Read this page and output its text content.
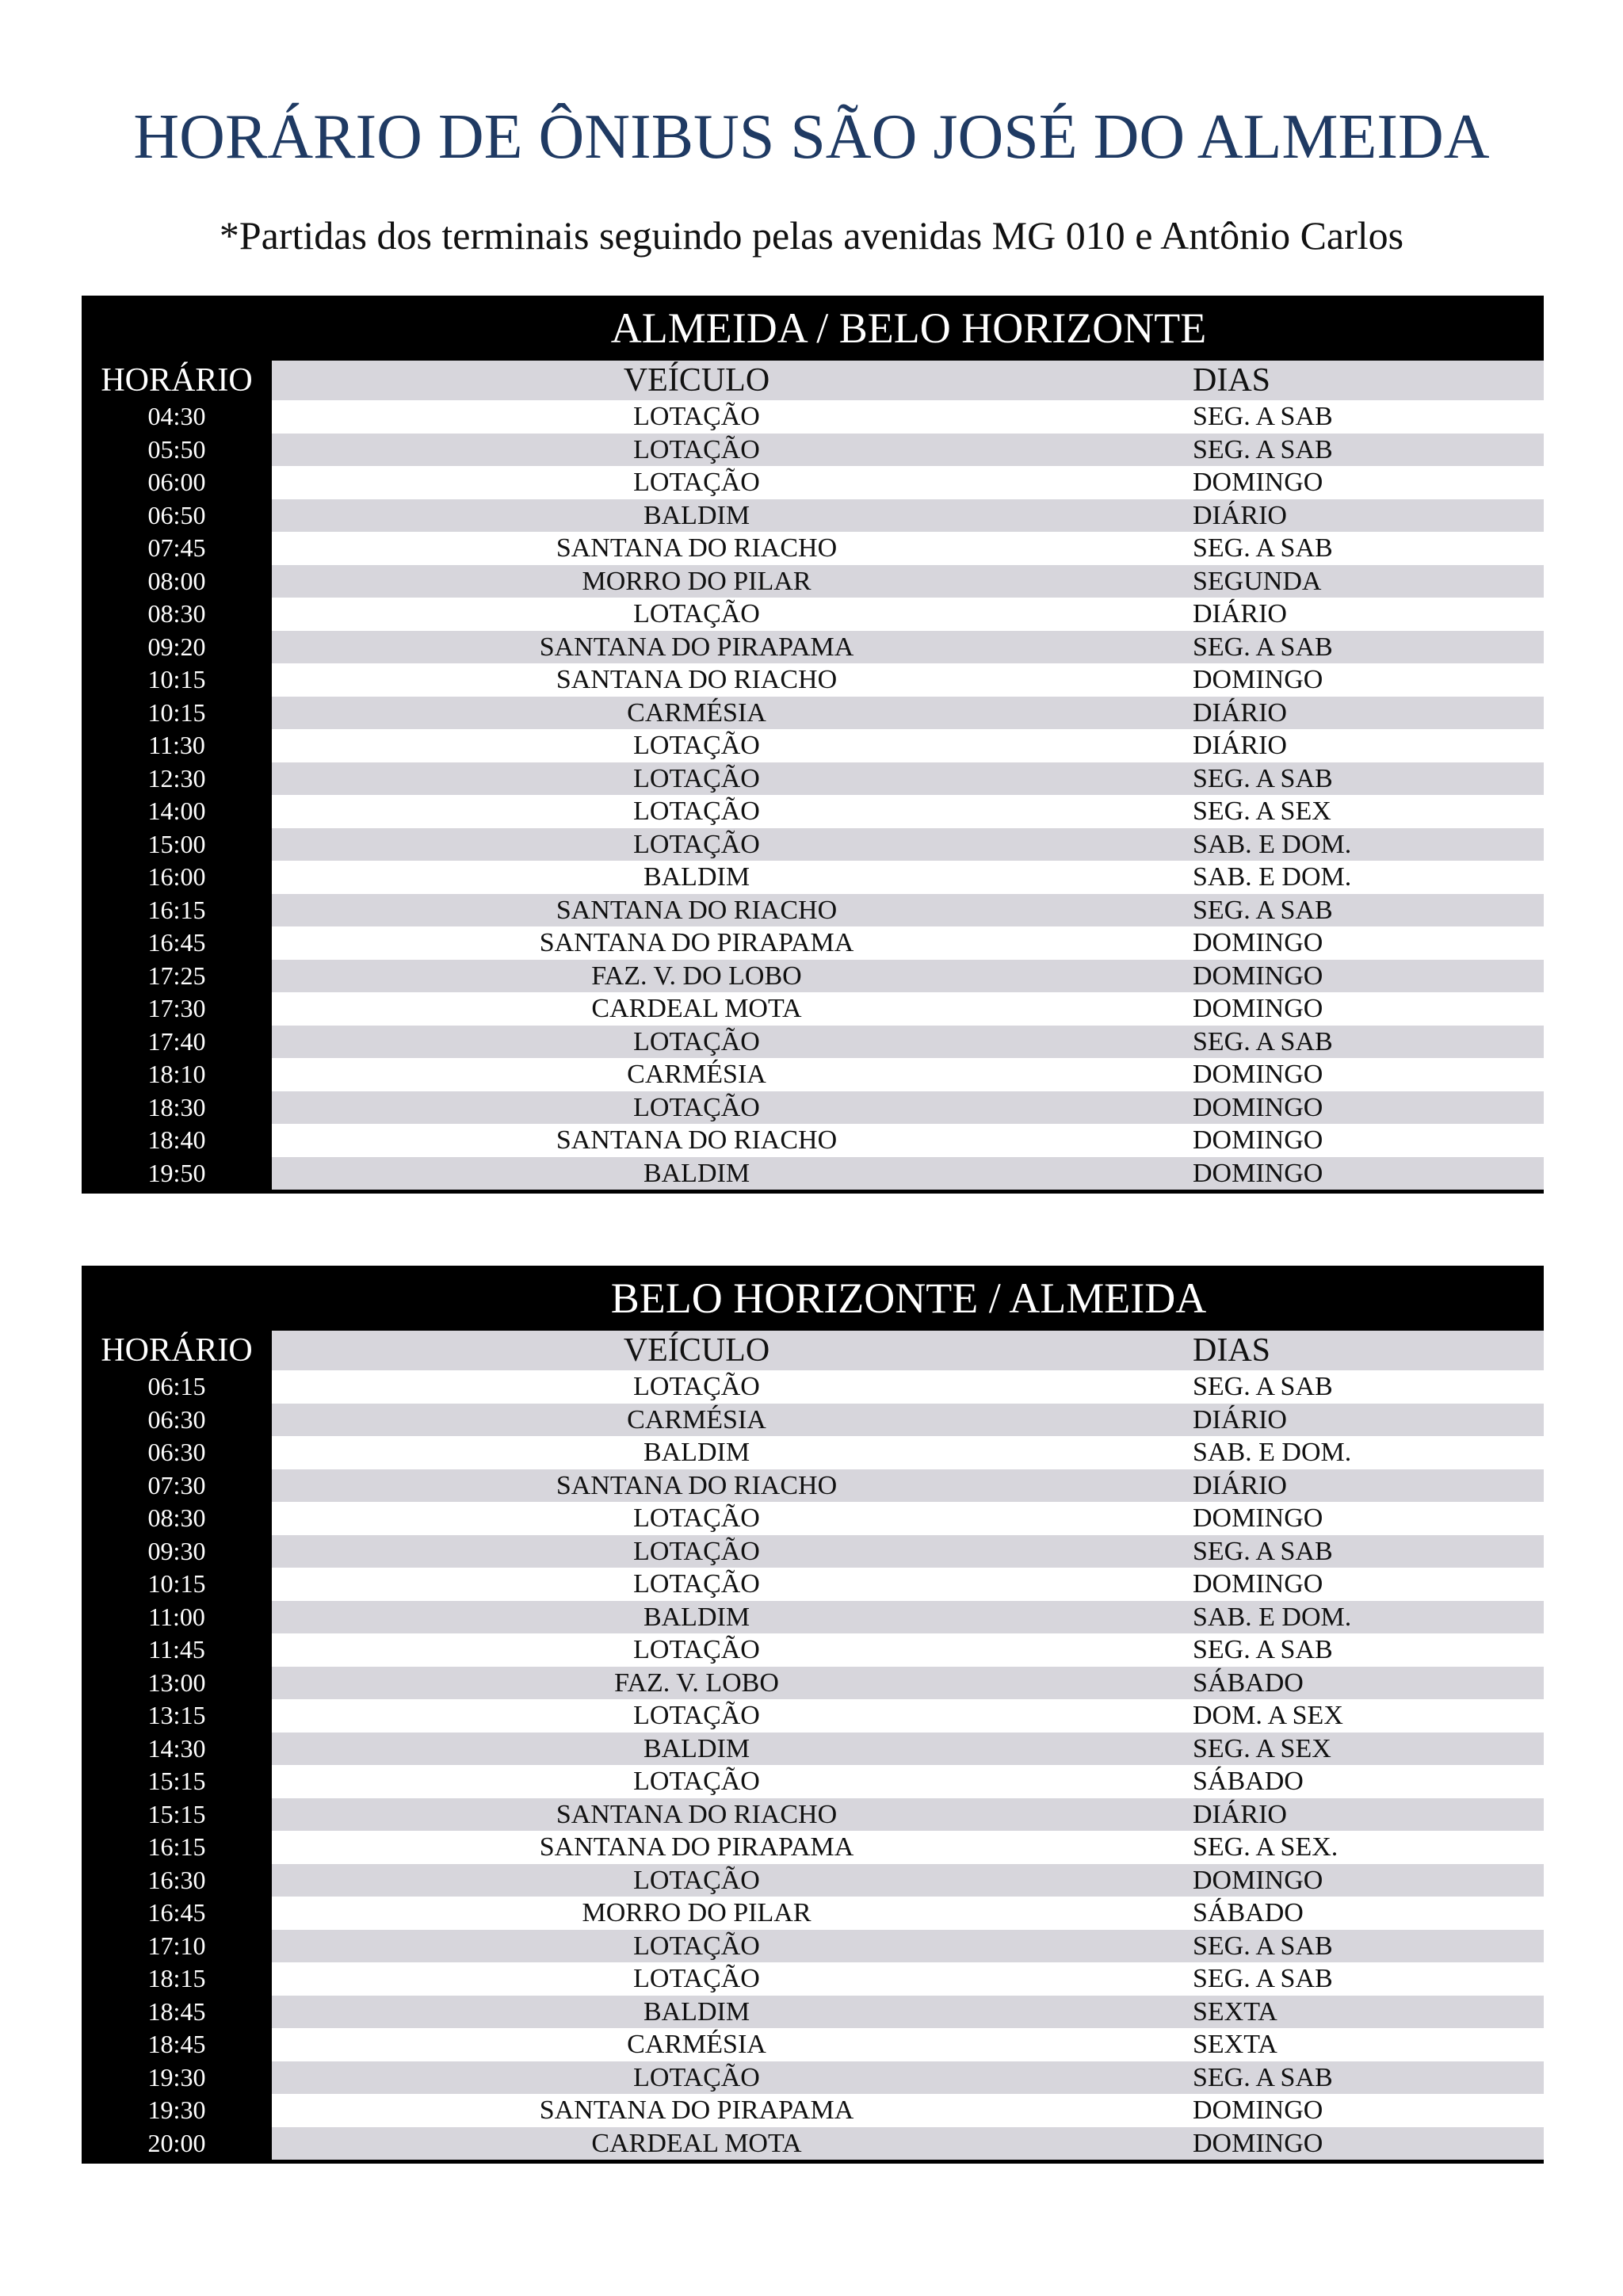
HORÁRIO DE ÔNIBUS SÃO JOSÉ DO ALMEIDA
*Partidas dos terminais seguindo pelas avenidas MG 010 e Antônio Carlos
ALMEIDA / BELO HORIZONTE
HORÁRIO	VEÍCULO	DIAS
04:30	LOTAÇÃO	SEG. A SAB
05:50	LOTAÇÃO	SEG. A SAB
06:00	LOTAÇÃO	DOMINGO
06:50	BALDIM	DIÁRIO
07:45	SANTANA DO RIACHO	SEG. A SAB
08:00	MORRO DO PILAR	SEGUNDA
08:30	LOTAÇÃO	DIÁRIO
09:20	SANTANA DO PIRAPAMA	SEG. A SAB
10:15	SANTANA DO RIACHO	DOMINGO
10:15	CARMÉSIA	DIÁRIO
11:30	LOTAÇÃO	DIÁRIO
12:30	LOTAÇÃO	SEG. A SAB
14:00	LOTAÇÃO	SEG. A SEX
15:00	LOTAÇÃO	SAB. E DOM.
16:00	BALDIM	SAB. E DOM.
16:15	SANTANA DO RIACHO	SEG. A SAB
16:45	SANTANA DO PIRAPAMA	DOMINGO
17:25	FAZ. V. DO LOBO	DOMINGO
17:30	CARDEAL MOTA	DOMINGO
17:40	LOTAÇÃO	SEG. A SAB
18:10	CARMÉSIA	DOMINGO
18:30	LOTAÇÃO	DOMINGO
18:40	SANTANA DO RIACHO	DOMINGO
19:50	BALDIM	DOMINGO
BELO HORIZONTE / ALMEIDA
HORÁRIO	VEÍCULO	DIAS
06:15	LOTAÇÃO	SEG. A SAB
06:30	CARMÉSIA	DIÁRIO
06:30	BALDIM	SAB. E DOM.
07:30	SANTANA DO RIACHO	DIÁRIO
08:30	LOTAÇÃO	DOMINGO
09:30	LOTAÇÃO	SEG. A SAB
10:15	LOTAÇÃO	DOMINGO
11:00	BALDIM	SAB. E DOM.
11:45	LOTAÇÃO	SEG. A SAB
13:00	FAZ. V. LOBO	SÁBADO
13:15	LOTAÇÃO	DOM. A SEX
14:30	BALDIM	SEG. A SEX
15:15	LOTAÇÃO	SÁBADO
15:15	SANTANA DO RIACHO	DIÁRIO
16:15	SANTANA DO PIRAPAMA	SEG. A SEX.
16:30	LOTAÇÃO	DOMINGO
16:45	MORRO DO PILAR	SÁBADO
17:10	LOTAÇÃO	SEG. A SAB
18:15	LOTAÇÃO	SEG. A SAB
18:45	BALDIM	SEXTA
18:45	CARMÉSIA	SEXTA
19:30	LOTAÇÃO	SEG. A SAB
19:30	SANTANA DO PIRAPAMA	DOMINGO
20:00	CARDEAL MOTA	DOMINGO
